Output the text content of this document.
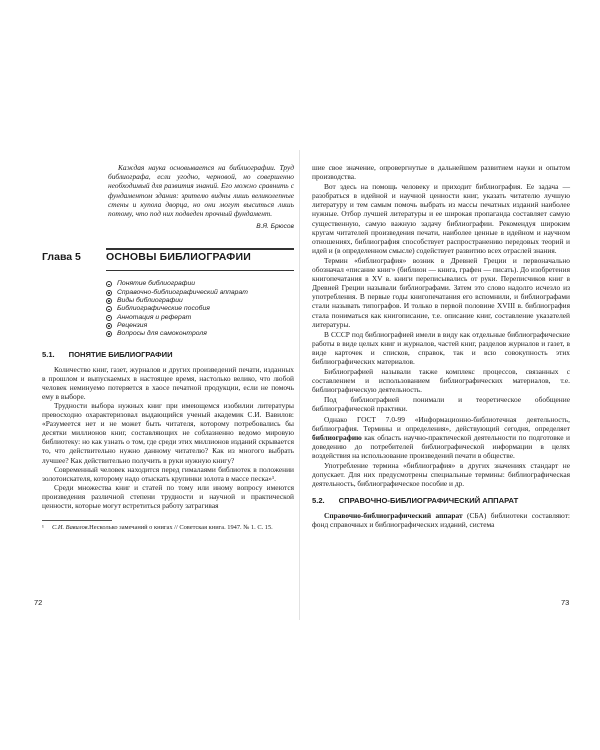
Каждая наука основывается на библиографии. Труд библиографа, если угодно, черновой, но совершенно необходимый для развития знаний. Его можно сравнить с фундаментом здания: зрителю видны лишь великолепные стены и купола дворца, но они могут выситься лишь потому, что под них подведен прочный фундамент.

В.Я. Брюсов
Глава 5 ОСНОВЫ БИБЛИОГРАФИИ
Понятие библиографии
Справочно-библиографический аппарат
Виды библиографии
Библиографические пособия
Аннотация и реферат
Рецензия
Вопросы для самоконтроля
5.1. ПОНЯТИЕ БИБЛИОГРАФИИ

Количество книг, газет, журналов и других произведений печати, изданных в прошлом и выпускаемых в настоящее время, настолько велико, что любой человек неминуемо потеряется в хаосе печатной продукции, если не помочь ему в выборе.

Трудности выбора нужных книг при имеющемся изобилии литературы превосходно охарактеризовал выдающийся ученый академик С.И. Вавилов: «Разумеется нет и не может быть читателя, которому потребовались бы десятки миллионов книг, составляющих не соблазненно ведомо мировую библиотеку: но как узнать о том, где среди этих миллионов изданий скрывается то, что действительно нужно данному читателю? Как из многого выбрать лучшее? Как действительно получить в руки нужную книгу?

Современный человек находится перед гималаями библиотек в положении золотоискателя, которому надо отыскать крупинки золота в массе песка»¹.

Среди множества книг и статей по тому или иному вопросу имеются произведения различной степени трудности и научной и практической ценности, которые могут встретиться работу затрагивая

¹	С.И. Вавилов.Несколько замечаний о книгах // Советская книга. 1947. № 1. С. 15.
72

шие свое значение, опровергнутые в дальнейшем развитием науки и опытом производства.

Вот здесь на помощь человеку и приходит библиография. Ее задача — разобраться в идейной и научной ценности книг, указать читателю лучшую литературу и тем самым помочь выбрать из массы печатных изданий наиболее нужные. Отбор лучшей литературы и ее широкая пропаганда составляет самую существенную, самую важную задачу библиографии. Рекомендуя широким кругам читателей произведения печати, наиболее ценные в идейном и научном отношениях, библиография способствует распространению передовых теорий и идей и (в определенном смысле) содействует развитию всех отраслей знания.

Термин «библиография» возник в Древней Греции и первоначально обозначал «писание книг» (библион — книга, графен — писать). До изобретения книгопечатания в XV в. книги переписывались от руки. Переписчиков книг в Древней Греции называли библиографами. Затем это слово надолго исчезло из употребления. В первые годы книгопечатания его вспомнили, и библиографами стали называть типографов. И только в первой половине XVIII в. библиография стала пониматься как книгописание, т.е. описание книг, составление указателей литературы.

В СССР под библиографией имели в виду как отдельные библиографические работы в виде целых книг и журналов, частей книг, разделов журналов и газет, в виде карточек и списков, справок, так и всю совокупность этих библиографических материалов.

Библиографией называли также комплекс процессов, связанных с составлением и использованием библиографических материалов, т.е. библиографическую деятельность.

Под библиографией понимали и теоретическое обобщение библиографической практики.

Однако ГОСТ 7.0-99 «Информационно-библиотечная деятельность, библиография. Термины и определения», действующий сегодня, определяет библиографию как область научно-практической деятельности по подготовке и доведению до потребителей библиографической информации в целях воздействия на использование произведений печати в обществе.

Употребление термина «библиография» в других значениях стандарт не допускает. Для них предусмотрены специальные термины: библиографическая деятельность, библиографическое пособие и др.

5.2. СПРАВОЧНО-БИБЛИОГРАФИЧЕСКИЙ АППАРАТ

Справочно-библиографический аппарат (СБА) библиотеки составляют: фонд справочных и библиографических изданий, система

73
